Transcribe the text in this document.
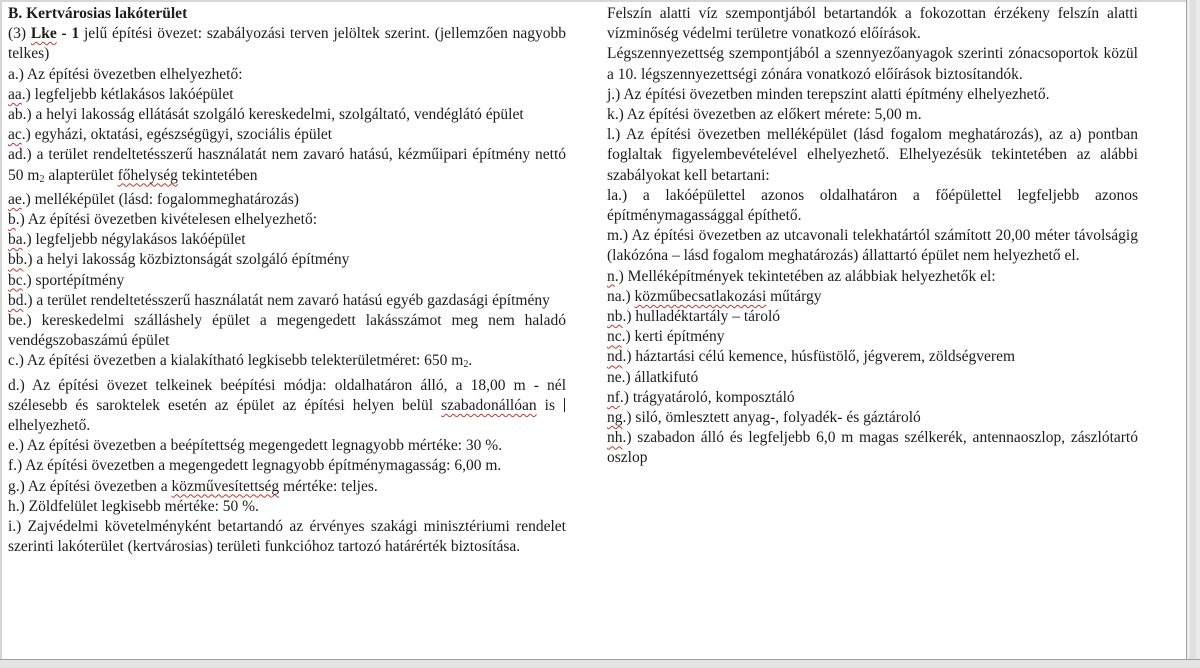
B. Kertvárosias lakóterület

(3) Lke - 1 jelű építési övezet: szabályozási terven jelöltek szerint. (jellemzően nagyobb telkes)

a.) Az építési övezetben elhelyezhető:

aa.) legfeljebb kétlakásos lakóépület

ab.) a helyi lakosság ellátását szolgáló kereskedelmi, szolgáltató, vendéglátó épület

ac.) egyházi, oktatási, egészségügyi, szociális épület

ad.) a terület rendeltetésszerű használatát nem zavaró hatású, kézműipari építmény nettó 50 $m_2$ alapterület főhelység tekintetében

ae.) melléképület (lásd: fogalommeghatározás)

b.) Az építési övezetben kivételesen elhelyezhető:

ba.) legfeljebb négylakásos lakóépület

bb.) a helyi lakosság közbiztonságát szolgáló építmény

bc.) sportépítmény

bd.) a terület rendeltetésszerű használatát nem zavaró hatású egyéb gazdasági építmény

be.) kereskedelmi szálláshely épület a megengedett lakásszámot meg nem haladó vendégszobaszámú épület

c.) Az építési övezetben a kialakítható legkisebb telekterületméret: 650 $m_2$.

d.) Az építési övezet telkeinek beépítési módja: oldalhatáron álló, a 18,00 m - nél szélesebb és saroktelek esetén az épület az építési helyen belül szabadonállóan is elhelyezhető.

e.) Az építési övezetben a beépítettség megengedett legnagyobb mértéke: 30 %.

f.) Az építési övezetben a megengedett legnagyobb építménymagasság: 6,00 m.

g.) Az építési övezetben a közművesítettség mértéke: teljes.

h.) Zöldfelület legkisebb mértéke: 50 %.

i.) Zajvédelmi követelményként betartandó az érvényes szakági minisztériumi rendelet szerinti lakóterület (kertvárosias) területi funkcióhoz tartozó határérték biztosítása.

Felszín alatti víz szempontjából betartandók a fokozottan érzékeny felszín alatti vízminőség védelmi területre vonatkozó előírások.

Légszennyezettség szempontjából a szennyezőanyagok szerinti zónacsoportok közül a 10. légszennyezettségi zónára vonatkozó előírások biztosítandók.

j.) Az építési övezetben minden terepszint alatti építmény elhelyezhető.

k.) Az építési övezetben az előkert mérete: 5,00 m.

l.) Az építési övezetben melléképület (lásd fogalom meghatározás), az a) pontban foglaltak figyelembevételével elhelyezhető. Elhelyezésük tekintetében az alábbi szabályokat kell betartani:

la.) a lakóépülettel azonos oldalhatáron a főépülettel legfeljebb azonos építménymagassággal építhető.

m.) Az építési övezetben az utcavonali telekhatártól számított 20,00 méter távolságig (lakózóna – lásd fogalom meghatározás) állattartó épület nem helyezhető el.

n.) Melléképítmények tekintetében az alábbiak helyezhetők el:

na.) közműbecsatlakozási műtárgy

nb.) hulladéktartály – tároló

nc.) kerti építmény

nd.) háztartási célú kemence, húsfüstölő, jégverem, zöldségverem

ne.) állatkifutó

nf.) trágyatároló, komposztáló

ng.) siló, ömlesztett anyag-, folyadék- és gáztároló

nh.) szabadon álló és legfeljebb 6,0 m magas szélkerék, antennaoszlop, zászlótartó oszlop
